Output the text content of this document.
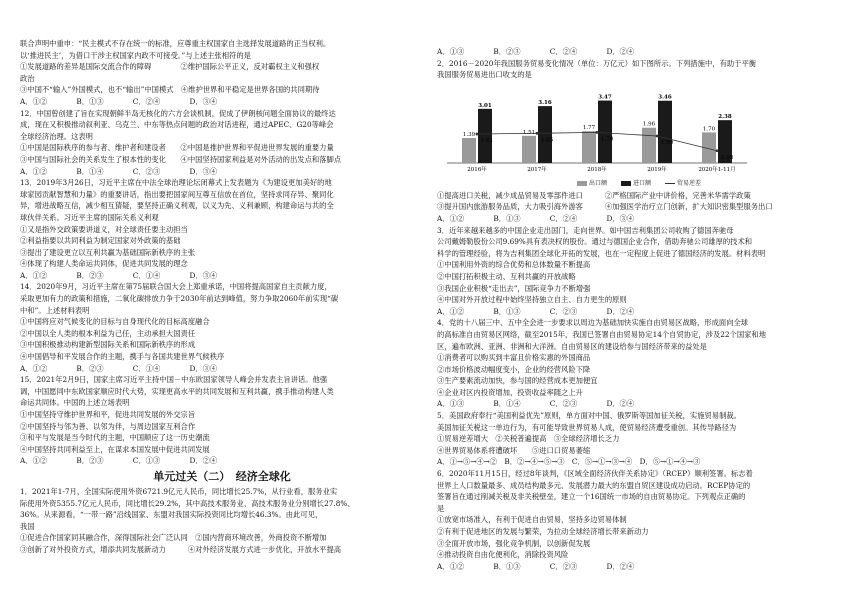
联合声明中重申：“民主模式不存在统一的标准，应尊重主权国家自主选择发展道路的正当权利。

以‘推进民主’，为借口干涉主权国家内政不可接受。”与上述主张相符的是

①发展道路的差异是国际交流合作的障碍　　　　②维护国际公平正义，反对霸权主义和强权

政治

③中国不“输入”外国模式，也不“输出”中国模式　④维护世界和平稳定是世界各国的共同期待

A．①②　　　　B．①③　　　　C．②④　　　　D．③④

12．中国曾创建了旨在实现朝鲜半岛无核化的六方会谈机制，促成了伊朗核问题全面协议的最终达

成，现在又积极推动叙利亚、乌克兰、中东等热点问题的政治对话进程，通过APEC、G20等峰会

全球经济治理。这表明

①中国是国际秩序的参与者、维护者和建设者　　②中国是推护世界和平促进世界发展的重要力量

③中国与国际社会的关系发生了根本性的变化　　④中国坚持国家利益是对外活动的出发点和落脚点

A．①②　　　　B．①④　　　　C．②③　　　　D．③④

13．2019年3月26日，习近平主席在中法全球治理论坛闭幕式上发表题为《为建设更加美好的地

球家园贡献智慧和力量》的重要讲话，指出要把国家间互尊互信放在首位，坚持求同存异、聚同化

异，增进战略互信，减少相互猜疑，要坚持正确义利观，以义为先、义利兼顾，构建命运与共的全

球伙伴关系。习近平主席的国际关系义利观

①又是指外交政策要讲道义，对全球责任要主动担当

②利益指要以共同利益为制定国家对外政策的基础

③提出了建设更立以互利共赢为基础国际新秩序的主张

④体现了构建人类命运共同体，促进共同发展的理念

A．①②　　　　B．②③　　　　C．①④　　　　D．③④

14．2020年9月，习近平主席在第75届联合国大会上郑重承诺，中国将提高国家自主贡献力度，

采取更加有力的政策和措施，二氧化碳排放力争于2030年前达到峰值，努力争取2060年前实现“碳

中和”。上述材料表明

①中国将应对气候变化的目标与自身现代化的目标高度融合

②中国以全人类的根本利益为己任，主动承担大国责任

③中国积极推动构建新型国际关系和国际新秩序的形成

④中国倡导和平发展合作的主题，携手与各国共建世界气候秩序

A．①②　　　　B．②③　　　　C．①④　　　　D．③④

15．2021年2月9日，国家主席习近平主持中国－中东欧国家领导人峰会并发表主旨讲话。他强

调，中国愿同中东欧国家顺应时代大势，实现更高水平的共同发展和互利共赢，携手推动构建人类

命运共同体。中国的上述立场表明

①中国坚持守维护世界和平，促进共同发展的外交宗旨

②中国坚持与邻为善、以邻为伴，与周边国家互利合作

③和平与发展是当今时代的主题，中国顺应了这一历史潮流

④中国坚持共同利益至上，在谋求本国发展中促进共同发展

A．①②　　　　B．②③　　　　C．①③　　　　D．②④

单元过关（二）　经济全球化

1．2021年1-7月，全国实际使用外资6721.9亿元人民币，同比增长25.7%，从行业看，服务业实

际使用外资5355.7亿元人民币，同比增长29.2%，其中高技术服务业、高技术服务业分别增长27.8%、

36%。从来源看，“一带一路”沿线国家、东盟对我国实际投资同比均增长46.3%。由此可见，

我国

①促进合作国家同其融合作，深得国际社会广泛认同　②国内营商环境改善，外商投资不断增加

③创新了对外投资方式，增添共同发展新动力　　　④对外经济发展方式进一步优化，开放水平提高

A．①③　　　　B．②③　　　　C．②④　　　　D．②④

2．2016－2020年我国服务贸易变化情况（单位：万亿元）如下图所示。下列措施中，有助于平衡

我国服务贸易进出口收支的是

1.39
3.01
2016年
1.51
3.16
2017年
1.77
3.47
2018年
1.96
3.46
2019年
1.70
2.38
2020年1-11月
1.61	1.65	1.70
1.50
0.68
出口额	进口额	贸易逆差

①提高进口关税，减少成品贸易及零部件进口　　　②严格国际产业中讲价格，完善米华需学政策

③提升国内旅游服务品质，大力吸引海外游客　　　④加强医学治疗立门创新，扩大知识密集型服务出口

A．①②　　　　B．①③　　　　C．②④　　　　D．③④

3．近年来越来越多的中国企业走出国门，走向世界。如中国吉利集团公司收购了德国奔驰母

公司戴姆勒股份公司9.69%具有表决权的股份。通过与德国企业合作，借助奔驰公司雄厚的技术和

科学的管理经验，将为吉利集团全球化开拓的发展，也在一定程度上促进了德国经济的发展。材料表明

①中国利用外资的综合优势和总体数量不断提高

②中国打拓积极主动、互利共赢的开放战略

③我国企业积极“走出去”，国际竞争力不断增强

④中国对外开放过程中始终坚持独立自主、自力更生的原则

A．①②　　　　B．①③　　　　C．②③　　　　D．②④

4．党的十八届三中、五中全会进一步要求以周边为基础加快实施自由贸易区战略，形成面向全球

的高标准自由贸易区网络，截至2015年，我国已签署自由贸易协定14个自贸协定，涉及22个国家和地

区，遍布欧洲、亚洲、非洲和大洋洲。自由贸易区的建设给参与国经济带来的益处是

①消费者可以购买到丰富且价格实惠的外国商品

②市场价格波动幅度变小，企业的经营风险下降

③生产要素流动加快，参与国的经营成本更加便宜

④企业对区内投资增加，投资收益率随之上升

A．①③　　　　B．①④　　　　C．②③　　　　D．②④

5．美国政府奉行“美国利益优先”原则，单方面对中国、俄罗斯等国加征关税，实施贸易制裁。

美国加征关税这一单边行为，有可能导致世界贸易人成，使贸易经济遭受重创。其传导路径为

①贸易逆差增大　②关税普遍提高　③全球经济增长乏力

④世界贸易体系将遭破坏　　⑤进口口贸易萎缩

A．①→⑤→④→②　B．②→④→⑤→③　C．⑤→①→③→④　D．⑤→①→④→③

6．2020年11月15日，经过8年谈判，《区域全面经济伙伴关系协定》（RCEP）顺利签署。标志着

世界上人口数量最多、成员结构最多元、发展潜力最大的东盟自贸区建设成功启动。RCEP协定的

签署旨在通过削减关税及非关税壁垒，建立一个16国统一市场的自由贸易协定。下列观点正确的

是

①放宽市场准入，有利于促进自由贸易，坚持多边贸易体制

②有利于促进地区的发展与繁荣，为拉动全球经济增长带来新动力

③全面开放市场，强化竞争机制，以创新促发展

④推动投资自由化便利化，消除投资风险

A．①②　　　　B．①③　　　　C．②③　　　　D．②④
